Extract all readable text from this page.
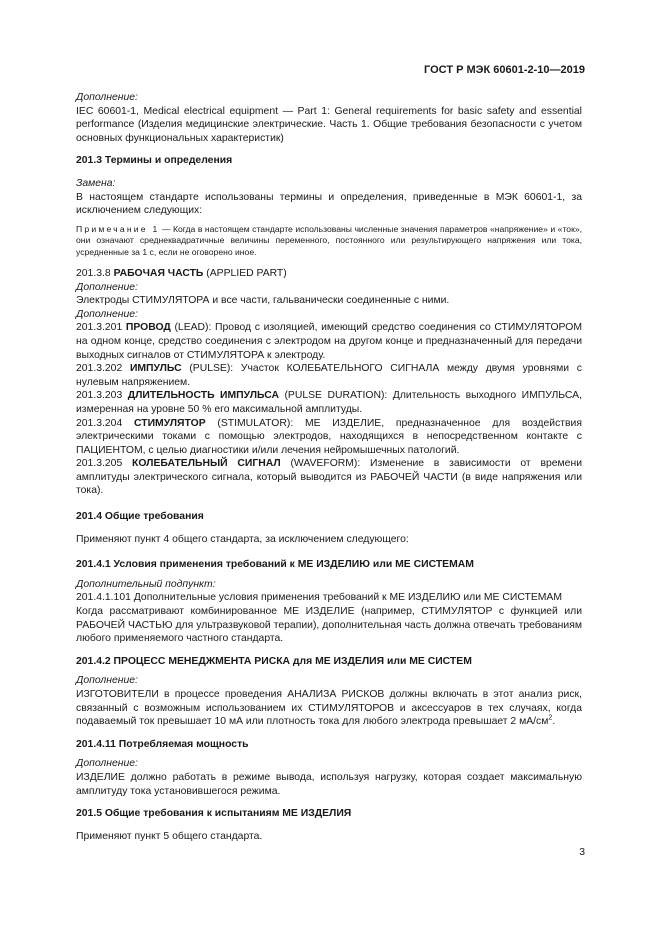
ГОСТ Р МЭК 60601-2-10—2019

Дополнение:

IEC 60601-1, Medical electrical equipment — Part 1: General requirements for basic safety and essential performance (Изделия медицинские электрические. Часть 1. Общие требования безопасности с учетом основных функциональных характеристик)

201.3 Термины и определения

Замена:

В настоящем стандарте использованы термины и определения, приведенные в МЭК 60601-1, за исключением следующих:

Примечание 1 — Когда в настоящем стандарте использованы численные значения параметров «напряжение» и «ток», они означают среднеквадратичные величины переменного, постоянного или результирующего напряжения или тока, усредненные за 1 с, если не оговорено иное.

201.3.8 РАБОЧАЯ ЧАСТЬ (APPLIED PART)

Дополнение:

Электроды СТИМУЛЯТОРА и все части, гальванически соединенные с ними.

Дополнение:

201.3.201 ПРОВОД (LEAD): Провод с изоляцией, имеющий средство соединения со СТИМУЛЯТОРОМ на одном конце, средство соединения с электродом на другом конце и предназначенный для передачи выходных сигналов от СТИМУЛЯТОРА к электроду.

201.3.202 ИМПУЛЬС (PULSE): Участок КОЛЕБАТЕЛЬНОГО СИГНАЛА между двумя уровнями с нулевым напряжением.

201.3.203 ДЛИТЕЛЬНОСТЬ ИМПУЛЬСА (PULSE DURATION): Длительность выходного ИМПУЛЬСА, измеренная на уровне 50 % его максимальной амплитуды.

201.3.204 СТИМУЛЯТОР (STIMULATOR): МЕ ИЗДЕЛИЕ, предназначенное для воздействия электрическими токами с помощью электродов, находящихся в непосредственном контакте с ПАЦИЕНТОМ, с целью диагностики и/или лечения нейромышечных патологий.

201.3.205 КОЛЕБАТЕЛЬНЫЙ СИГНАЛ (WAVEFORM): Изменение в зависимости от времени амплитуды электрического сигнала, который выводится из РАБОЧЕЙ ЧАСТИ (в виде напряжения или тока).

201.4 Общие требования

Применяют пункт 4 общего стандарта, за исключением следующего:

201.4.1 Условия применения требований к МЕ ИЗДЕЛИЮ или МЕ СИСТЕМАМ

Дополнительный подпункт:

201.4.1.101 Дополнительные условия применения требований к МЕ ИЗДЕЛИЮ или МЕ СИСТЕМАМ

Когда рассматривают комбинированное МЕ ИЗДЕЛИЕ (например, СТИМУЛЯТОР с функцией или РАБОЧЕЙ ЧАСТЬЮ для ультразвуковой терапии), дополнительная часть должна отвечать требованиям любого применяемого частного стандарта.

201.4.2 ПРОЦЕСС МЕНЕДЖМЕНТА РИСКА для МЕ ИЗДЕЛИЯ или МЕ СИСТЕМ

Дополнение:

ИЗГОТОВИТЕЛИ в процессе проведения АНАЛИЗА РИСКОВ должны включать в этот анализ риск, связанный с возможным использованием их СТИМУЛЯТОРОВ и аксессуаров в тех случаях, когда подаваемый ток превышает 10 мА или плотность тока для любого электрода превышает 2 $мА/см^2$.

201.4.11 Потребляемая мощность

Дополнение:

ИЗДЕЛИЕ должно работать в режиме вывода, используя нагрузку, которая создает максимальную амплитуду тока установившегося режима.

201.5 Общие требования к испытаниям МЕ ИЗДЕЛИЯ

Применяют пункт 5 общего стандарта.

3
